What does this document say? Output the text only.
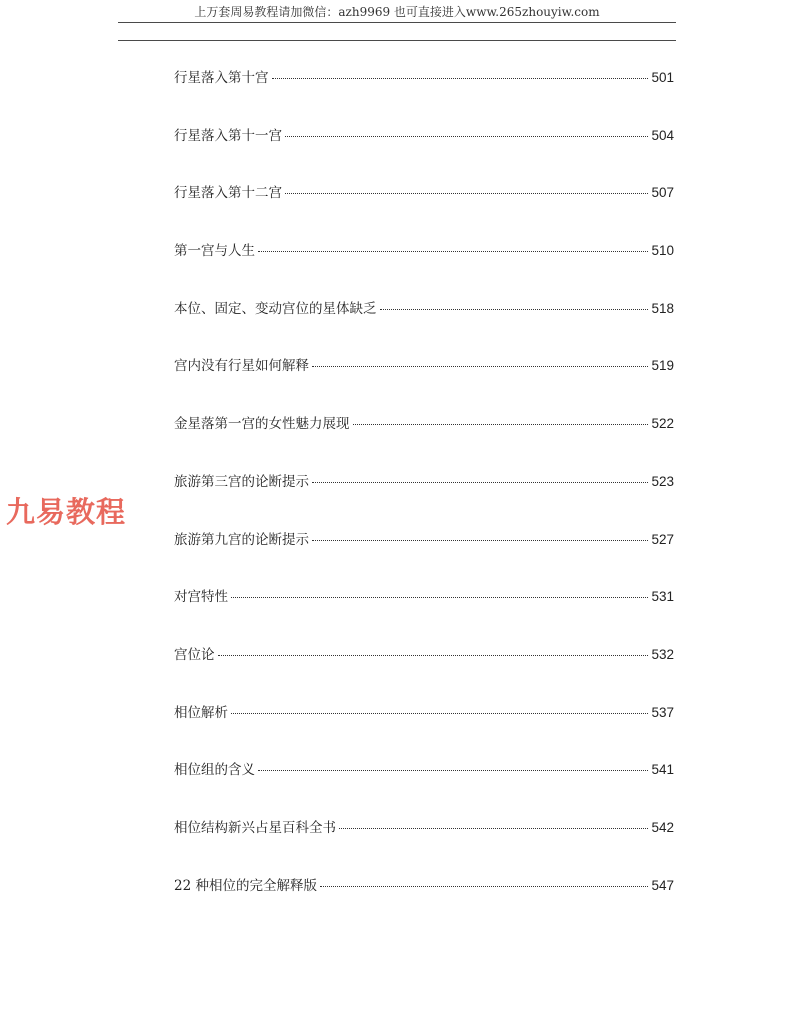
上万套周易教程请加微信：azh9969 也可直接进入www.265zhouyiw.com
行星落入第十宫	501
行星落入第十一宫	504
行星落入第十二宫	507
第一宫与人生	510
本位、固定、变动宫位的星体缺乏	518
宫内没有行星如何解释	519
金星落第一宫的女性魅力展现	522
旅游第三宫的论断提示	523
旅游第九宫的论断提示	527
对宫特性	531
宫位论	532
相位解析	537
相位组的含义	541
相位结构新兴占星百科全书	542
22 种相位的完全解释版	547
九易教程
